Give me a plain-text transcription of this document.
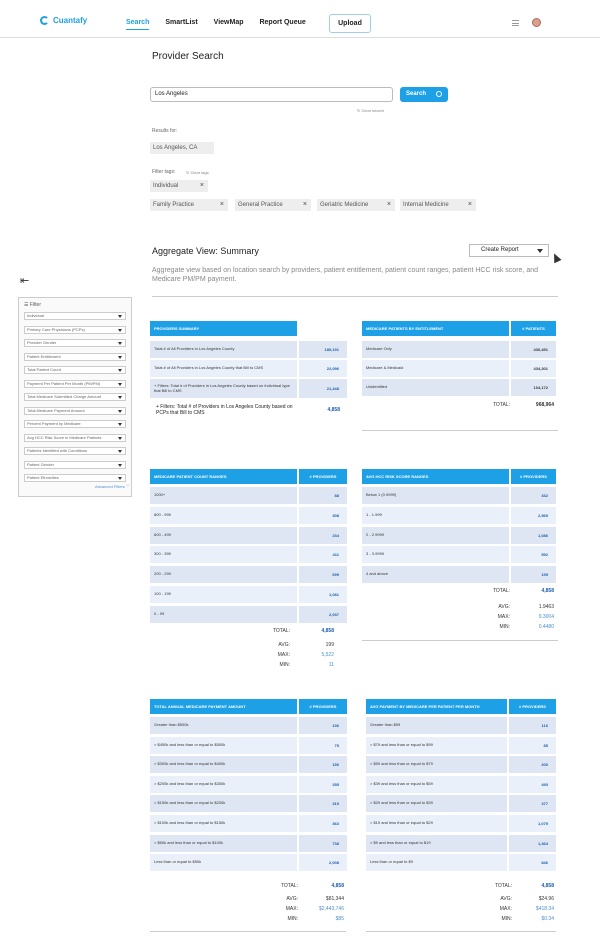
Cuantafy	Search SmartList ViewMap Report Queue	Upload
Provider Search
Los Angeles	Search
↻ Clear search
Results for:
Los Angeles, CA
Filter tags:	↻ Clear tags
Individual	×
Family Practice	×	General Practice	×	Geriatric Medicine	×	Internal Medicine	×
Aggregate View: Summary	Create Report
Aggregate view based on location search by providers, patient entitlement, patient count ranges, patient HCC risk score, and Medicare PM/PM payment.
⇤
☰ Filter
Individual
Primary Care Physicians (PCPs)
Provider Gender
Patient Entitlement
Total Patient Count
Payment Per Patient Per Month (PM/PM)
Total Medicare Submitted Charge Amount
Total Medicare Payment Amount
Percent Payment by Medicare
Avg HCC Risk Score in Medicare Patients
Patients Identified with Conditions
Patient Gender
Patient Ethnicities
Advanced Filters ﹀
PROVIDERS SUMMARY
Total # of All Providers in Los Angeles County	189,191
Total # of All Providers in Los Angeles County that Bill to CMS	22,096
+ Filters: Total # of Providers in Los Angeles County based on Individual type that Bill to CMS	21,448
+ Filters: Total # of Providers in Los Angeles County based on PCPs that Bill to CMS	4,858
MEDICARE PATIENTS BY ENTITLEMENT	# PATIENTS
Medicare Only	430,491
Medicare & Medicaid	434,301
Unidentified	104,172
TOTAL:	968,964
MEDICARE PATIENT COUNT RANGES	# PROVIDERS
1000+	88
800 - 999	308
600 - 499	234
300 - 399	411
200 - 299	699
100 - 199	1,081
0 - 99	2,037
TOTAL:	4,858
AVG:	199
MAX:	5,522
MIN:	11
AVG HCC RISK SCORE RANGES	# PROVIDERS
Below 1 (0.9999)	332
1 - 1.999	2,569
2 - 2.9999	1,086
3 - 3.9999	592
4 and above	199
TOTAL:	4,858
AVG:	1.9463
MAX:	9.3004
MIN:	0.4480
TOTAL ANNUAL MEDICARE PAYMENT AMOUNT	# PROVIDERS
Greater than $500k	136
> $450k and less than or equal to $500k	75
> $300k and less than or equal to $400k	150
> $200k and less than or equal to $300k	255
> $150k and less than or equal to $200k	319
> $100k and less than or equal to $150k	363
> $50k and less than or equal to $100k	738
Less than or equal to $50k	2,008
TOTAL:	4,858
AVG:	$81,344
MAX:	$2,443,746
MIN:	$85
AVG PAYMENT BY MEDICARE PER PATIENT PER MONTH	# PROVIDERS
Greater than $99	116
> $79 and less than or equal to $99	85
> $59 and less than or equal to $79	200
> $39 and less than or equal to $59	493
> $29 and less than or equal to $39	477
> $19 and less than or equal to $29	1,079
> $9 and less than or equal to $19	1,364
Less than or equal to $9	846
TOTAL:	4,858
AVG:	$24.96
MAX:	$418.34
MIN:	$0.34
